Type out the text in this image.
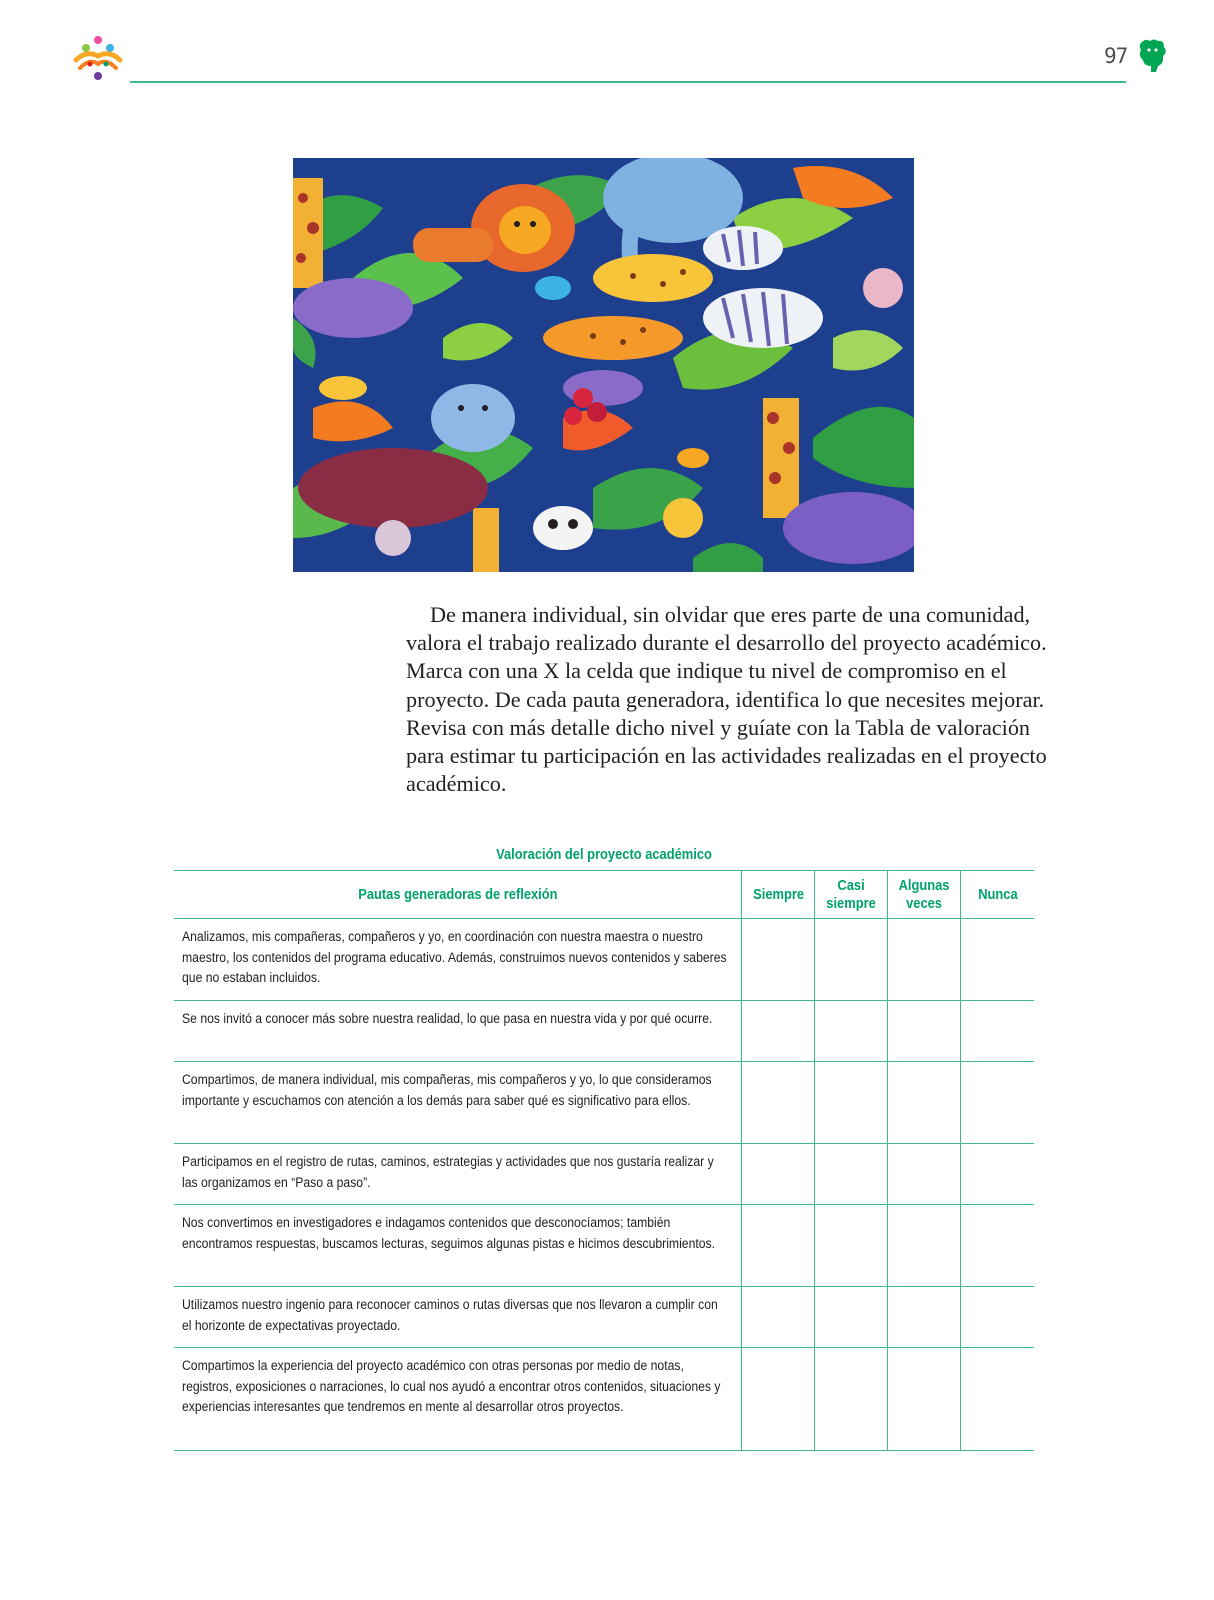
97

De manera individual, sin olvidar que eres parte de una comunidad, valora el trabajo realizado durante el desarrollo del proyecto académico. Marca con una X la celda que indique tu nivel de compromiso en el proyecto. De cada pauta generadora, identifica lo que necesites mejorar. Revisa con más detalle dicho nivel y guíate con la Tabla de valoración para estimar tu participación en las actividades realizadas en el proyecto académico.

Valoración del proyecto académico
Pautas generadoras de reflexión	Siempre	Casi siempre	Algunas veces	Nunca

Analizamos, mis compañeras, compañeros y yo, en coordinación con nuestra maestra o nuestro maestro, los contenidos del programa educativo. Además, construimos nuevos contenidos y saberes que no estaban incluidos.				

Se nos invitó a conocer más sobre nuestra realidad, lo que pasa en nuestra vida y por qué ocurre.				

Compartimos, de manera individual, mis compañeras, mis compañeros y yo, lo que consideramos importante y escuchamos con atención a los demás para saber qué es significativo para ellos.				

Participamos en el registro de rutas, caminos, estrategias y actividades que nos gustaría realizar y las organizamos en “Paso a paso”.				

Nos convertimos en investigadores e indagamos contenidos que desconocíamos; también encontramos respuestas, buscamos lecturas, seguimos algunas pistas e hicimos descubrimientos.				

Utilizamos nuestro ingenio para reconocer caminos o rutas diversas que nos llevaron a cumplir con el horizonte de expectativas proyectado.				

Compartimos la experiencia del proyecto académico con otras personas por medio de notas, registros, exposiciones o narraciones, lo cual nos ayudó a encontrar otros contenidos, situaciones y experiencias interesantes que tendremos en mente al desarrollar otros proyectos.				
